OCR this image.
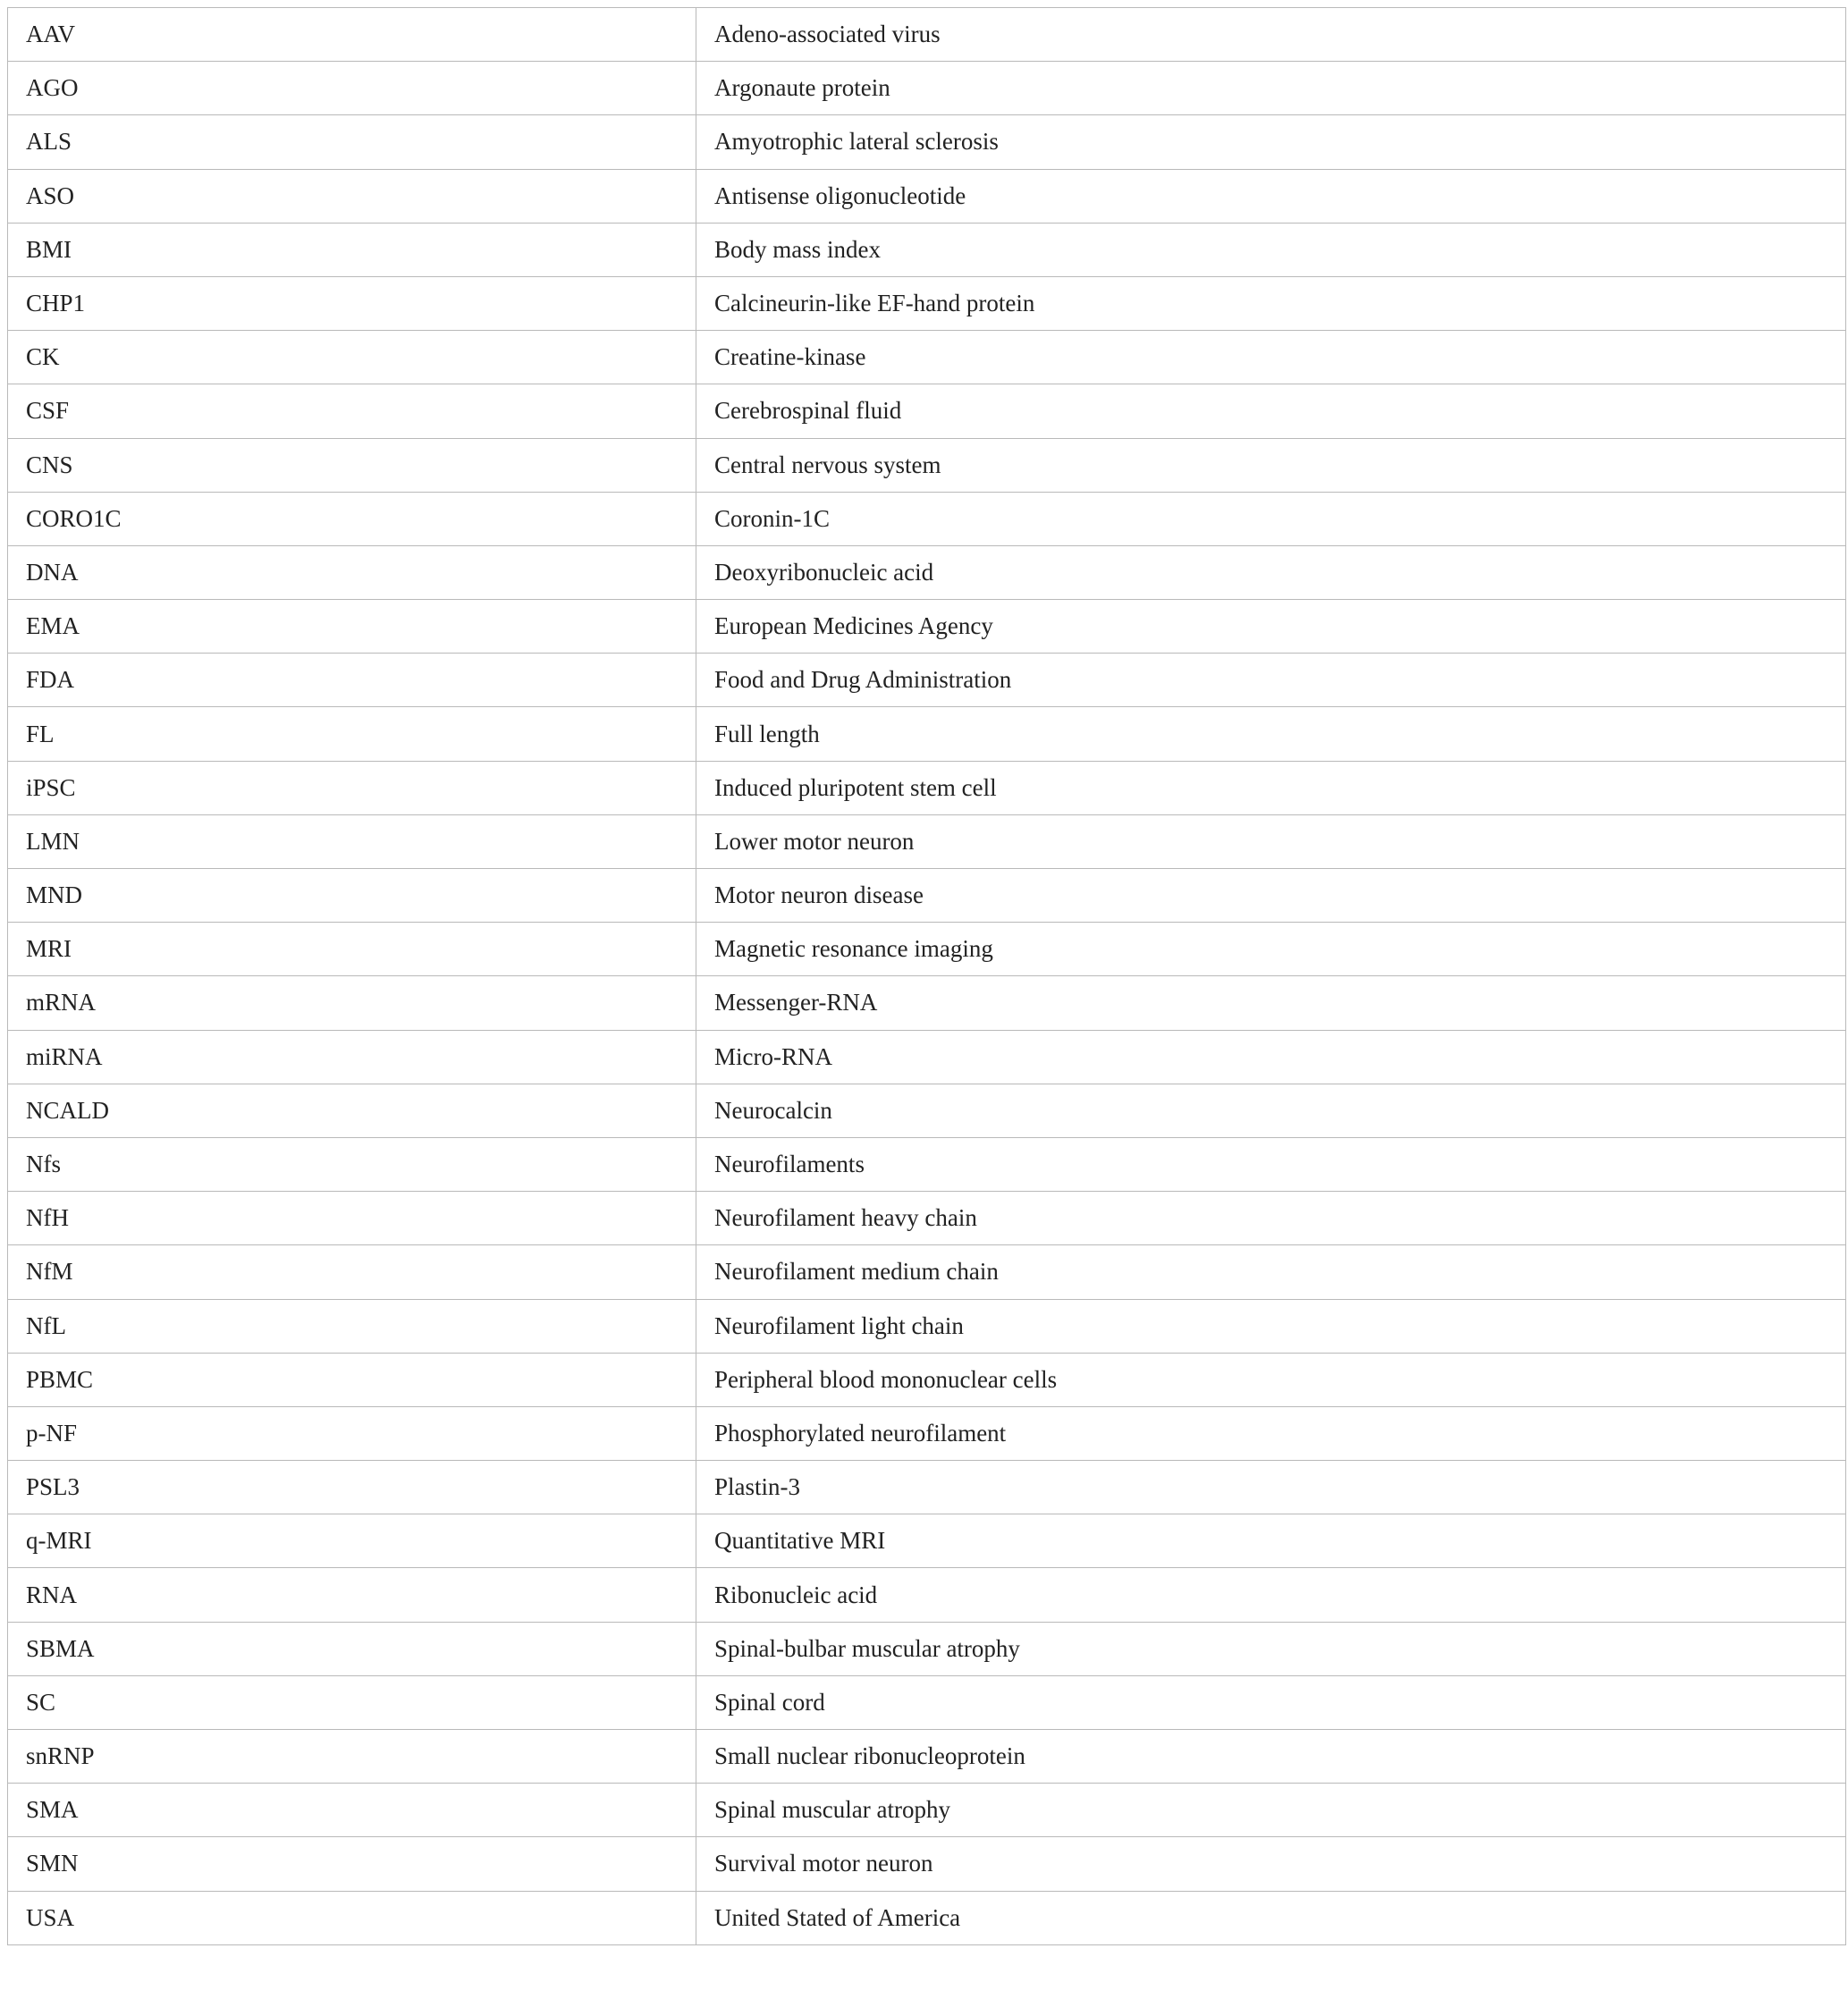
AAV	Adeno-associated virus
AGO	Argonaute protein
ALS	Amyotrophic lateral sclerosis
ASO	Antisense oligonucleotide
BMI	Body mass index
CHP1	Calcineurin-like EF-hand protein
CK	Creatine-kinase
CSF	Cerebrospinal fluid
CNS	Central nervous system
CORO1C	Coronin-1C
DNA	Deoxyribonucleic acid
EMA	European Medicines Agency
FDA	Food and Drug Administration
FL	Full length
iPSC	Induced pluripotent stem cell
LMN	Lower motor neuron
MND	Motor neuron disease
MRI	Magnetic resonance imaging
mRNA	Messenger-RNA
miRNA	Micro-RNA
NCALD	Neurocalcin
Nfs	Neurofilaments
NfH	Neurofilament heavy chain
NfM	Neurofilament medium chain
NfL	Neurofilament light chain
PBMC	Peripheral blood mononuclear cells
p-NF	Phosphorylated neurofilament
PSL3	Plastin-3
q-MRI	Quantitative MRI
RNA	Ribonucleic acid
SBMA	Spinal-bulbar muscular atrophy
SC	Spinal cord
snRNP	Small nuclear ribonucleoprotein
SMA	Spinal muscular atrophy
SMN	Survival motor neuron
USA	United Stated of America
